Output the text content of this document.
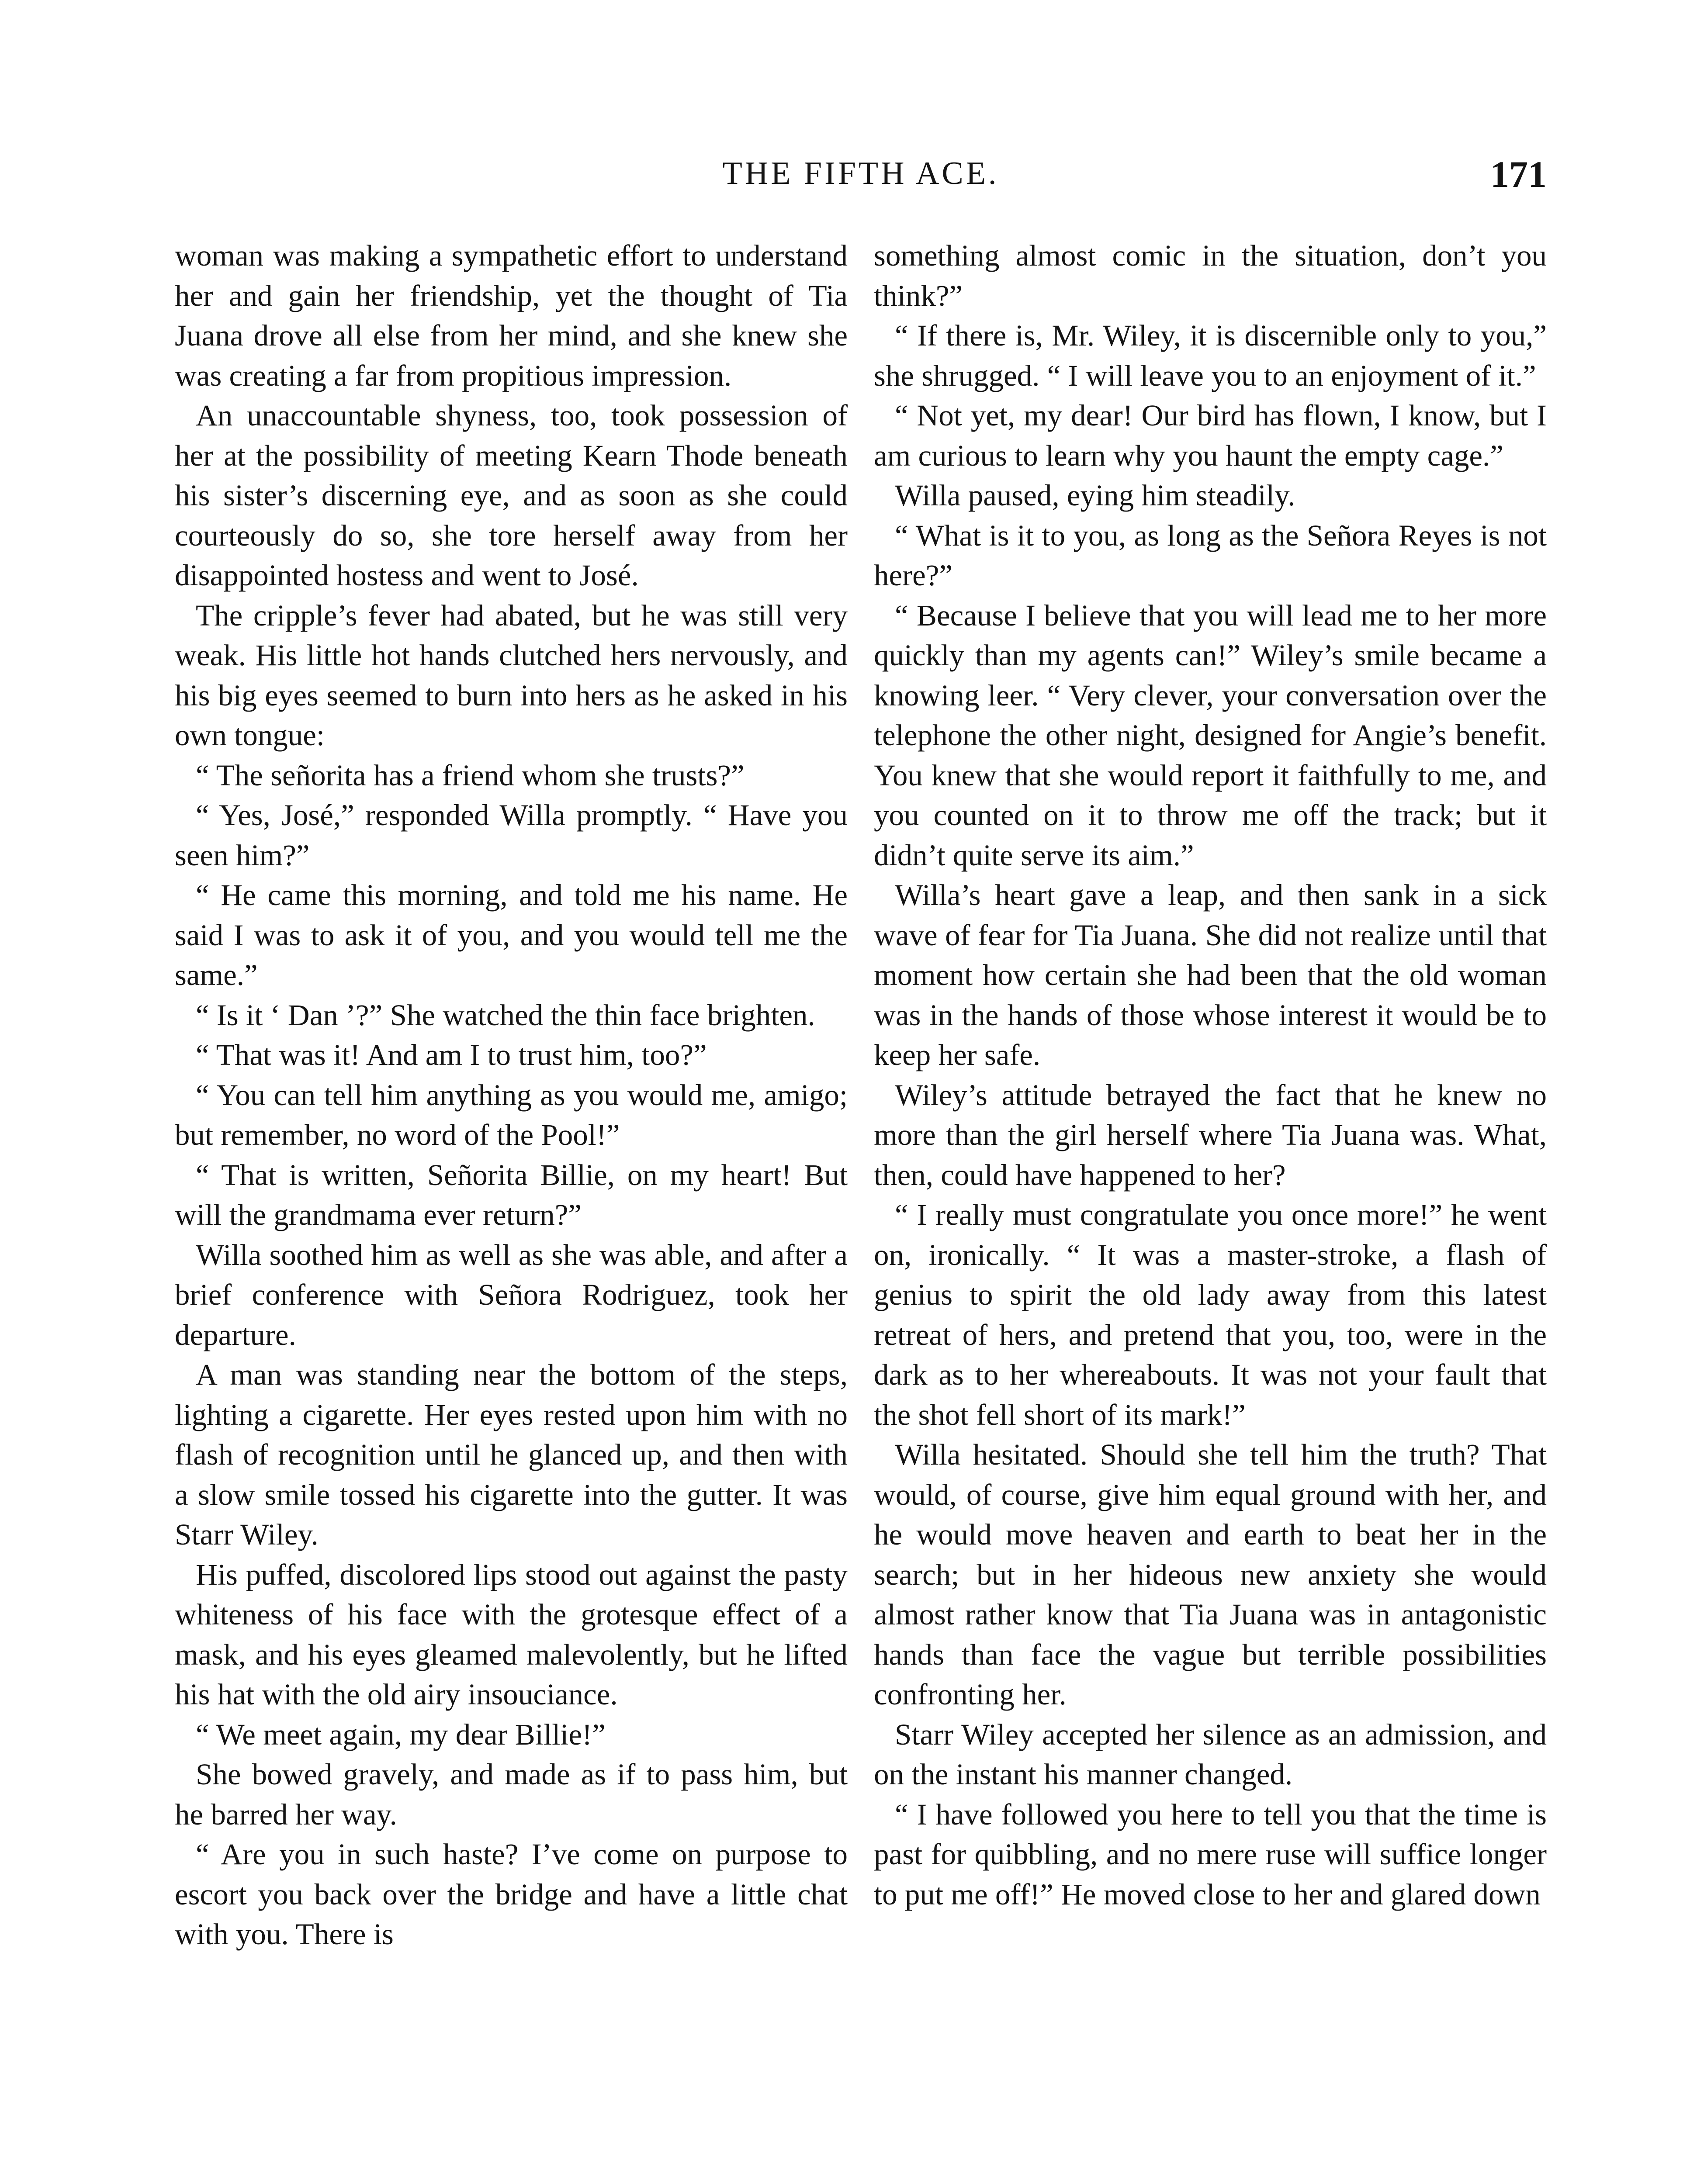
THE FIFTH ACE.	171

woman was making a sympathetic effort to understand her and gain her friendship, yet the thought of Tia Juana drove all else from her mind, and she knew she was creating a far from propitious impression.

An unaccountable shyness, too, took possession of her at the possibility of meeting Kearn Thode beneath his sister’s discerning eye, and as soon as she could courteously do so, she tore herself away from her disappointed hostess and went to José.

The cripple’s fever had abated, but he was still very weak. His little hot hands clutched hers nervously, and his big eyes seemed to burn into hers as he asked in his own tongue:

“ The señorita has a friend whom she trusts?”

“ Yes, José,” responded Willa promptly. “ Have you seen him?”

“ He came this morning, and told me his name. He said I was to ask it of you, and you would tell me the same.”

“ Is it ‘ Dan ’?” She watched the thin face brighten.

“ That was it! And am I to trust him, too?”

“ You can tell him anything as you would me, amigo; but remember, no word of the Pool!”

“ That is written, Señorita Billie, on my heart! But will the grandmama ever return?”

Willa soothed him as well as she was able, and after a brief conference with Señora Rodriguez, took her departure.

A man was standing near the bottom of the steps, lighting a cigarette. Her eyes rested upon him with no flash of recognition until he glanced up, and then with a slow smile tossed his cigarette into the gutter. It was Starr Wiley.

His puffed, discolored lips stood out against the pasty whiteness of his face with the grotesque effect of a mask, and his eyes gleamed malevolently, but he lifted his hat with the old airy insouciance.

“ We meet again, my dear Billie!”

She bowed gravely, and made as if to pass him, but he barred her way.

“ Are you in such haste? I’ve come on purpose to escort you back over the bridge and have a little chat with you. There is

something almost comic in the situation, don’t you think?”

“ If there is, Mr. Wiley, it is discernible only to you,” she shrugged. “ I will leave you to an enjoyment of it.”

“ Not yet, my dear! Our bird has flown, I know, but I am curious to learn why you haunt the empty cage.”

Willa paused, eying him steadily.

“ What is it to you, as long as the Señora Reyes is not here?”

“ Because I believe that you will lead me to her more quickly than my agents can!” Wiley’s smile became a knowing leer. “ Very clever, your conversation over the telephone the other night, designed for Angie’s benefit. You knew that she would report it faithfully to me, and you counted on it to throw me off the track; but it didn’t quite serve its aim.”

Willa’s heart gave a leap, and then sank in a sick wave of fear for Tia Juana. She did not realize until that moment how certain she had been that the old woman was in the hands of those whose interest it would be to keep her safe.

Wiley’s attitude betrayed the fact that he knew no more than the girl herself where Tia Juana was. What, then, could have happened to her?

“ I really must congratulate you once more!” he went on, ironically. “ It was a master-stroke, a flash of genius to spirit the old lady away from this latest retreat of hers, and pretend that you, too, were in the dark as to her whereabouts. It was not your fault that the shot fell short of its mark!”

Willa hesitated. Should she tell him the truth? That would, of course, give him equal ground with her, and he would move heaven and earth to beat her in the search; but in her hideous new anxiety she would almost rather know that Tia Juana was in antagonistic hands than face the vague but terrible possibilities confronting her.

Starr Wiley accepted her silence as an admission, and on the instant his manner changed.

“ I have followed you here to tell you that the time is past for quibbling, and no mere ruse will suffice longer to put me off!” He moved close to her and glared down
